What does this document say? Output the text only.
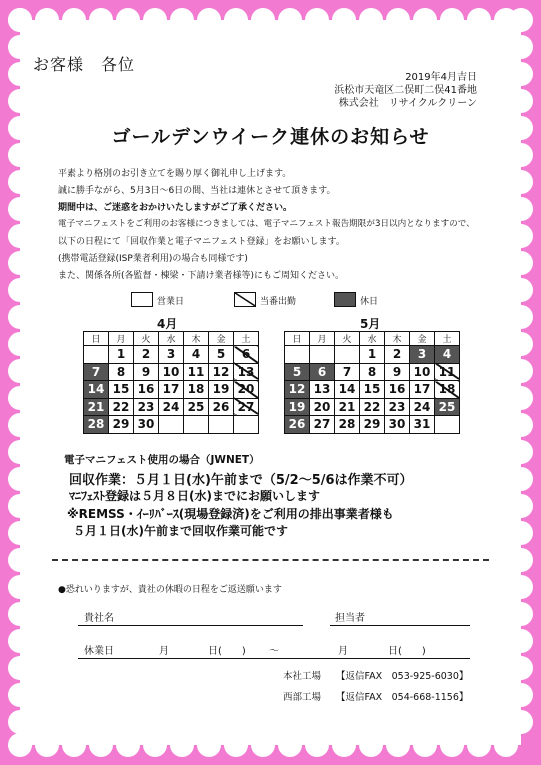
お客様　各位
2019年4月吉日
浜松市天竜区二俣町二俣41番地
株式会社　リサイクルクリーン
ゴールデンウイーク連休のお知らせ
平素より格別のお引き立てを賜り厚く御礼申し上げます。
誠に勝手ながら、5月3日～6日の間、当社は連休とさせて頂きます。
期間中は、ご迷惑をおかけいたしますがご了承ください。
電子マニフェストをご利用のお客様につきましては、電子マニフェスト報告期限が3日以内となりますので、
以下の日程にて「回収作業と電子マニフェスト登録」をお願いします。
(携帯電話登録(ISP業者利用)の場合も同様です)
また、関係各所(各監督・棟梁・下請け業者様等)にもご周知ください。
営業日	当番出勤	休日
4月	5月
日	月	火	水	木	金	土
	1	2	3	4	5	6
7	8	9	10	11	12	13
14	15	16	17	18	19	20
21	22	23	24	25	26	27
28	29	30				
日	月	火	水	木	金	土
			1	2	3	4
5	6	7	8	9	10	11
12	13	14	15	16	17	18
19	20	21	22	23	24	25
26	27	28	29	30	31	
電子マニフェスト使用の場合（JWNET）
回収作業：５月１日(水)午前まで（5/2～5/6は作業不可）
ﾏﾆﾌｪｽﾄ登録は５月８日(水)までにお願いします
※REMSS・ｲｰﾘﾊﾞｰｽ(現場登録済)をご利用の排出事業者様も
５月１日(水)午前まで回収作業可能です
●恐れいりますが、貴社の休暇の日程をご返送願います
貴社名	担当者
休業日	月	日(　　) ～	月	日(　　)
本社工場 【返信FAX　053-925-6030】
西部工場 【返信FAX　054-668-1156】
